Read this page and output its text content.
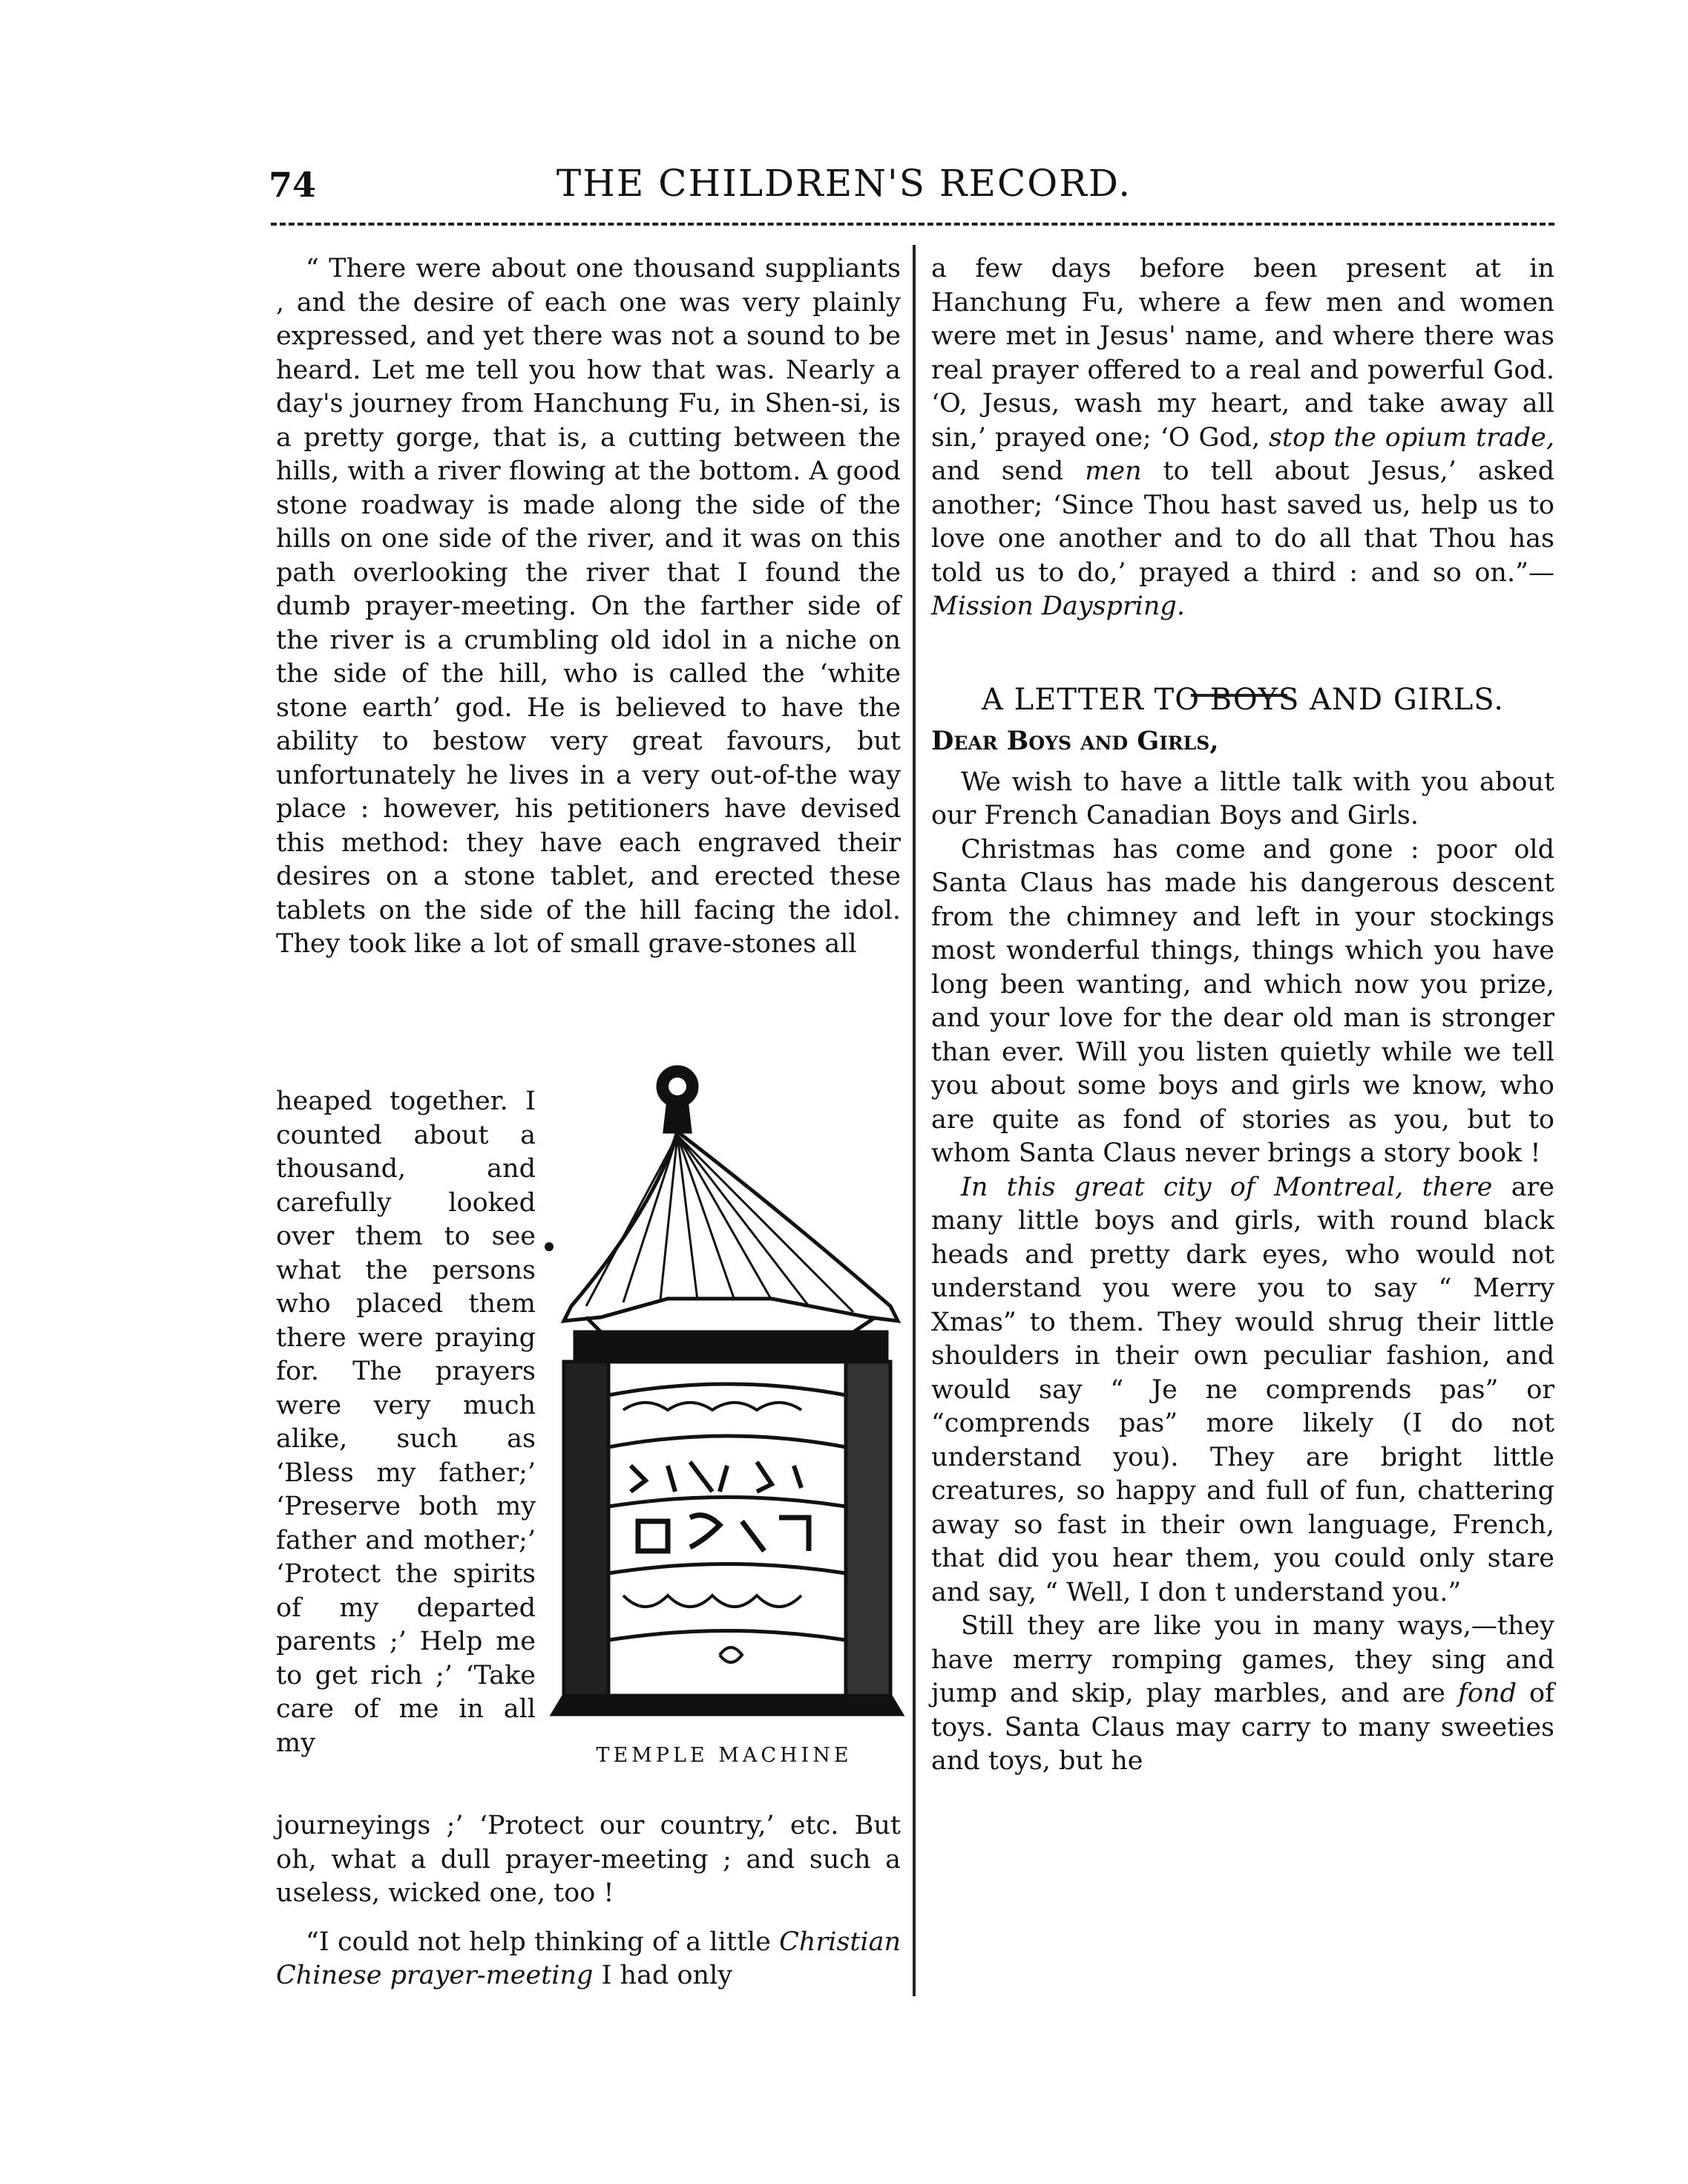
74	THE CHILDREN'S RECORD.

“ There were about one thousand suppliants , and the desire of each one was very plainly expressed, and yet there was not a sound to be heard. Let me tell you how that was. Nearly a day's journey from Hanchung Fu, in Shen-si, is a pretty gorge, that is, a cutting between the hills, with a river flowing at the bottom. A good stone roadway is made along the side of the hills on one side of the river, and it was on this path overlooking the river that I found the dumb prayer-meeting. On the farther side of the river is a crumbling old idol in a niche on the side of the hill, who is called the ‘white stone earth’ god. He is believed to have the ability to bestow very great favours, but unfortunately he lives in a very out-of-the way place : however, his petitioners have devised this method: they have each engraved their desires on a stone tablet, and erected these tablets on the side of the hill facing the idol. They took like a lot of small grave-stones all

heaped together. I counted about a thousand, and carefully looked over them to see what the persons who placed them there were praying for. The prayers were very much alike, such as ‘Bless my father;’ ‘Preserve both my father and mother;’ ‘Protect the spirits of my departed parents ;’ Help me to get rich ;’ ‘Take care of me in all my	TEMPLE MACHINE

journeyings ;’ ‘Protect our country,’ etc. But oh, what a dull prayer-meeting ; and such a useless, wicked one, too !

“I could not help thinking of a little Christian Chinese prayer-meeting I had only

a few days before been present at in Hanchung Fu, where a few men and women were met in Jesus' name, and where there was real prayer offered to a real and powerful God. ‘O, Jesus, wash my heart, and take away all sin,’ prayed one; ‘O God, stop the opium trade, and send men to tell about Jesus,’ asked another; ‘Since Thou hast saved us, help us to love one another and to do all that Thou has told us to do,’ prayed a third : and so on.”— Mission Dayspring.

A LETTER TO BOYS AND GIRLS.

Dear Boys and Girls,

We wish to have a little talk with you about our French Canadian Boys and Girls.

Christmas has come and gone : poor old Santa Claus has made his dangerous descent from the chimney and left in your stockings most wonderful things, things which you have long been wanting, and which now you prize, and your love for the dear old man is stronger than ever. Will you listen quietly while we tell you about some boys and girls we know, who are quite as fond of stories as you, but to whom Santa Claus never brings a story book !

In this great city of Montreal, there are many little boys and girls, with round black heads and pretty dark eyes, who would not understand you were you to say “ Merry Xmas” to them. They would shrug their little shoulders in their own peculiar fashion, and would say “ Je ne comprends pas” or “comprends pas” more likely (I do not understand you). They are bright little creatures, so happy and full of fun, chattering away so fast in their own language, French, that did you hear them, you could only stare and say, “ Well, I don t understand you.”

Still they are like you in many ways,—they have merry romping games, they sing and jump and skip, play marbles, and are fond of toys. Santa Claus may carry to many sweeties and toys, but he
